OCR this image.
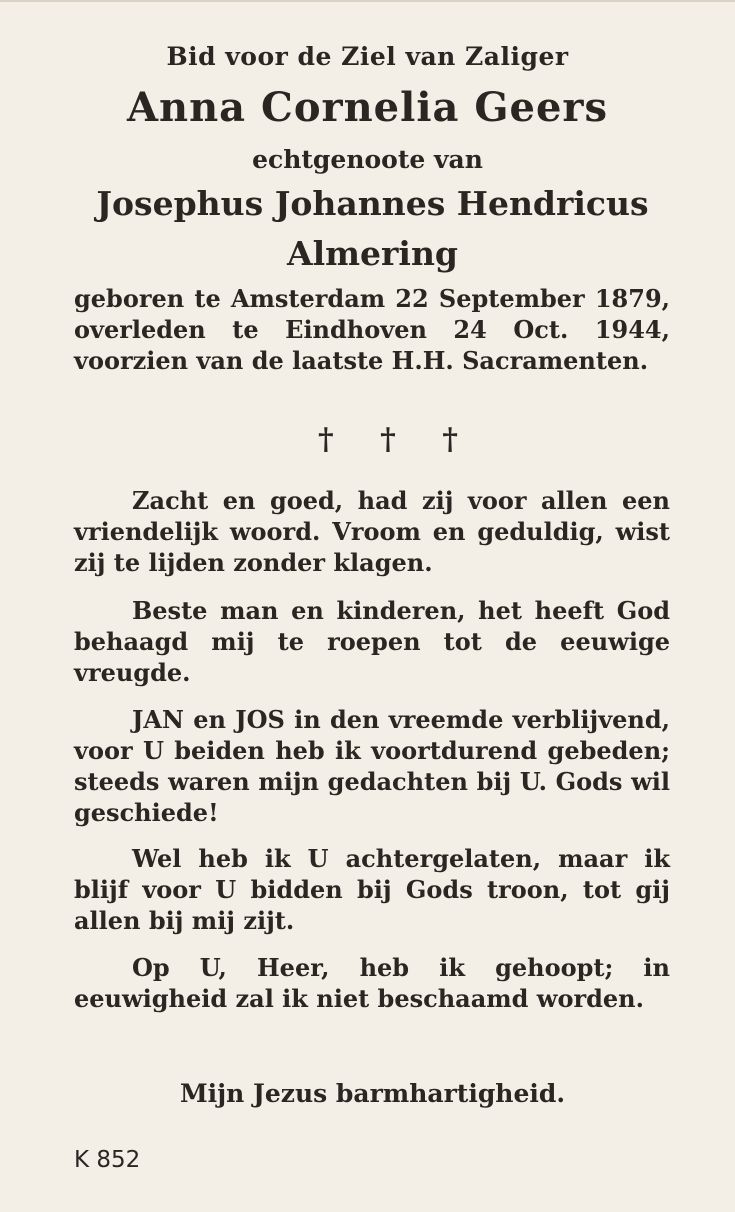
Bid voor de Ziel van Zaliger
Anna Cornelia Geers
echtgenoote van
Josephus Johannes Hendricus
Almering
geboren te Amsterdam 22 September 1879, overleden te Eindhoven 24 Oct. 1944, voorzien van de laatste H.H. Sacramenten.
† † †
Zacht en goed, had zij voor allen een vriendelijk woord. Vroom en geduldig, wist zij te lijden zonder klagen.
Beste man en kinderen, het heeft God behaagd mij te roepen tot de eeuwige vreugde.
JAN en JOS in den vreemde verblijvend, voor U beiden heb ik voortdurend gebeden; steeds waren mijn gedachten bij U. Gods wil geschiede!
Wel heb ik U achtergelaten, maar ik blijf voor U bidden bij Gods troon, tot gij allen bij mij zijt.
Op U, Heer, heb ik gehoopt; in eeuwigheid zal ik niet beschaamd worden.
Mijn Jezus barmhartigheid.
K 852
